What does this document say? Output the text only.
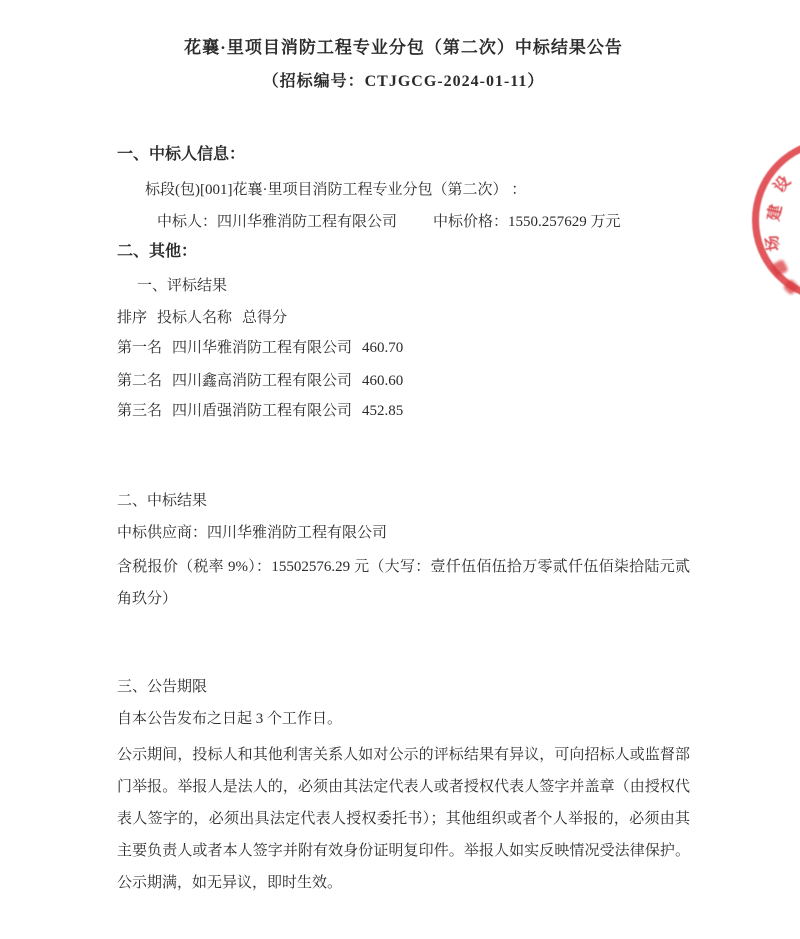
花襄·里项目消防工程专业分包（第二次）中标结果公告
（招标编号：CTJGCG-2024-01-11）
一、中标人信息：
标段(包)[001]花襄·里项目消防工程专业分包（第二次） ：
中标人：四川华雅消防工程有限公司 中标价格：1550.257629 万元
二、其他：
一、评标结果
排序 投标人名称 总得分
第一名 四川华雅消防工程有限公司 460.70
第二名 四川鑫高消防工程有限公司 460.60
第三名 四川盾强消防工程有限公司 452.85
二、中标结果
中标供应商：四川华雅消防工程有限公司
含税报价（税率 9%）：15502576.29 元（大写：壹仟伍佰伍拾万零贰仟伍佰柒拾陆元贰角玖分）
三、公告期限
自本公告发布之日起 3 个工作日。
公示期间，投标人和其他利害关系人如对公示的评标结果有异议，可向招标人或监督部门举报。举报人是法人的，必须由其法定代表人或者授权代表人签字并盖章（由授权代表人签字的，必须出具法定代表人授权委托书）；其他组织或者个人举报的，必须由其主要负责人或者本人签字并附有效身份证明复印件。举报人如实反映情况受法律保护。公示期满，如无异议，即时生效。
设
建
场
